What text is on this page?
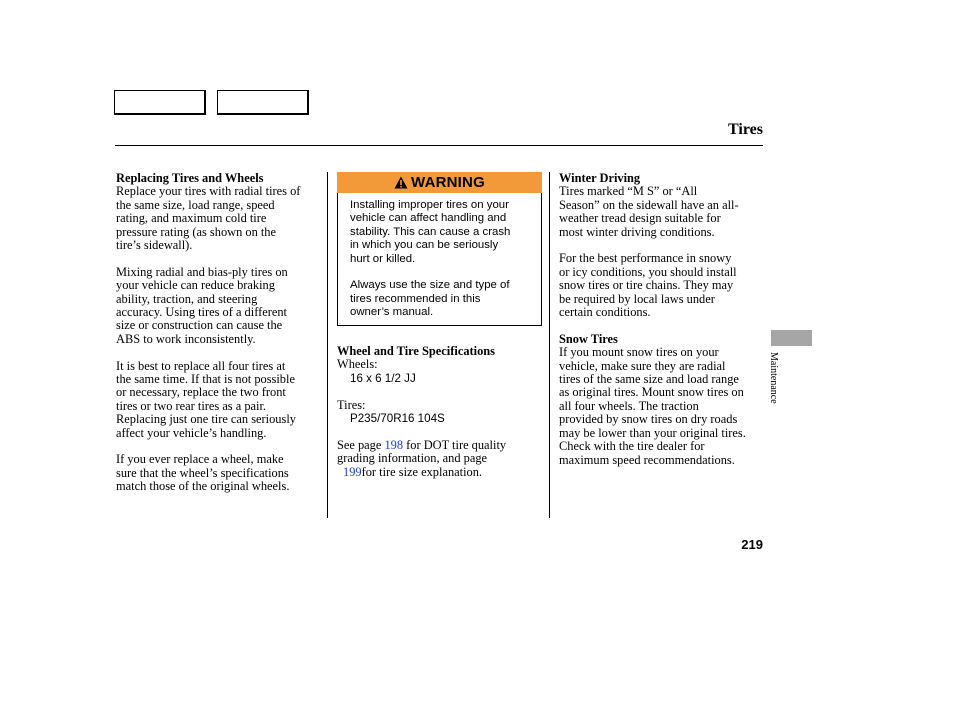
Tires

Replacing Tires and Wheels

Replace your tires with radial tires of

the same size, load range, speed

rating, and maximum cold tire

pressure rating (as shown on the

tire’s sidewall).

Mixing radial and bias-ply tires on

your vehicle can reduce braking

ability, traction, and steering

accuracy. Using tires of a different

size or construction can cause the

ABS to work inconsistently.

It is best to replace all four tires at

the same time. If that is not possible

or necessary, replace the two front

tires or two rear tires as a pair.

Replacing just one tire can seriously

affect your vehicle’s handling.

If you ever replace a wheel, make

sure that the wheel’s specifications

match those of the original wheels.

WARNING

Installing improper tires on your

vehicle can affect handling and

stability. This can cause a crash

in which you can be seriously

hurt or killed.

Always use the size and type of

tires recommended in this

owner’s manual.

Wheel and Tire Specifications

Wheels:

16 x 6 1/2 JJ

Tires:

P235/70R16 104S

See page 198 for DOT tire quality

grading information, and page

199for tire size explanation.

Winter Driving

Tires marked “M S” or “All

Season” on the sidewall have an all-

weather tread design suitable for

most winter driving conditions.

For the best performance in snowy

or icy conditions, you should install

snow tires or tire chains. They may

be required by local laws under

certain conditions.

Snow Tires

If you mount snow tires on your

vehicle, make sure they are radial

tires of the same size and load range

as original tires. Mount snow tires on

all four wheels. The traction

provided by snow tires on dry roads

may be lower than your original tires.

Check with the tire dealer for

maximum speed recommendations.

Maintenance
219
